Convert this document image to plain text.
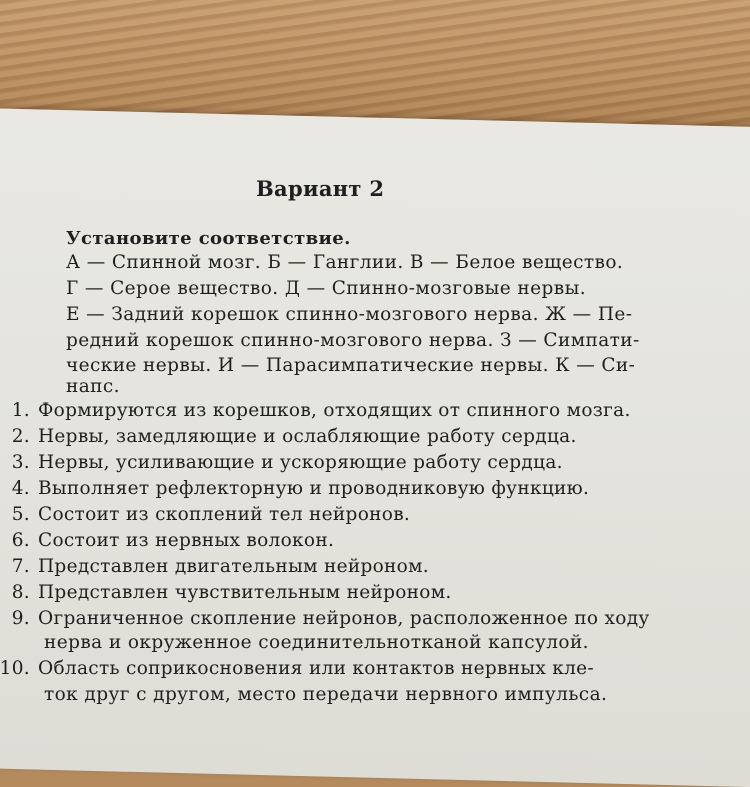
Вариант 2
Установите соответствие.
А — Спинной мозг. Б — Ганглии. В — Белое вещество.
Г — Серое вещество. Д — Спинно-мозговые нервы.
Е — Задний корешок спинно-мозгового нерва. Ж — Пе-
редний корешок спинно-мозгового нерва. З — Симпати-
ческие нервы. И — Парасимпатические нервы. К — Си-
напс.
1. Формируются из корешков, отходящих от спинного мозга.
2. Нервы, замедляющие и ослабляющие работу сердца.
3. Нервы, усиливающие и ускоряющие работу сердца.
4. Выполняет рефлекторную и проводниковую функцию.
5. Состоит из скоплений тел нейронов.
6. Состоит из нервных волокон.
7. Представлен двигательным нейроном.
8. Представлен чувствительным нейроном.
9. Ограниченное скопление нейронов, расположенное по ходу
нерва и окруженное соединительнотканой капсулой.
10. Область соприкосновения или контактов нервных кле-
ток друг с другом, место передачи нервного импульса.
